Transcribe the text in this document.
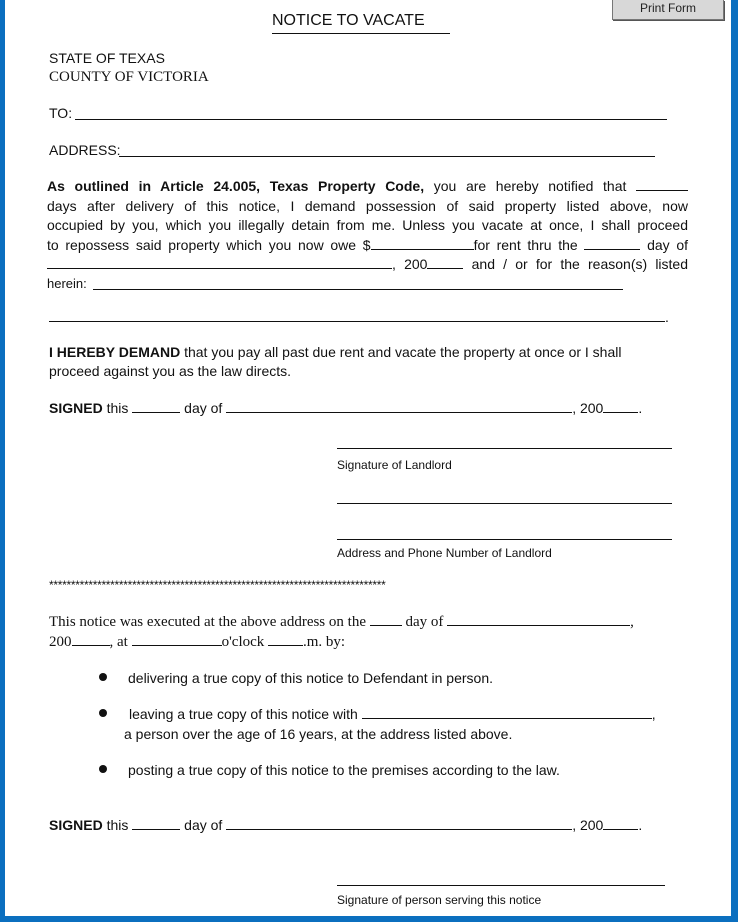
Print Form
NOTICE TO VACATE
STATE OF TEXAS
COUNTY OF VICTORIA
TO:
ADDRESS:
As outlined in Article 24.005, Texas Property Code, you are hereby notified that
days after delivery of this notice, I demand possession of said property listed above, now
occupied by you, which you illegally detain from me. Unless you vacate at once, I shall proceed
to repossess said property which you now owe $	for rent thru the	day of
, 200	and / or for the reason(s) listed
herein:
.
I HEREBY DEMAND that you pay all past due rent and vacate the property at once or I shall
proceed against you as the law directs.
SIGNED this	day of	, 200	.
Signature of Landlord
Address and Phone Number of Landlord
*****************************************************************************
This notice was executed at the above address on the	day of	,
200	, at	o'clock	.m. by:
delivering a true copy of this notice to Defendant in person.
leaving a true copy of this notice with	,
a person over the age of 16 years, at the address listed above.
posting a true copy of this notice to the premises according to the law.
SIGNED this	day of	, 200	.
Signature of person serving this notice
